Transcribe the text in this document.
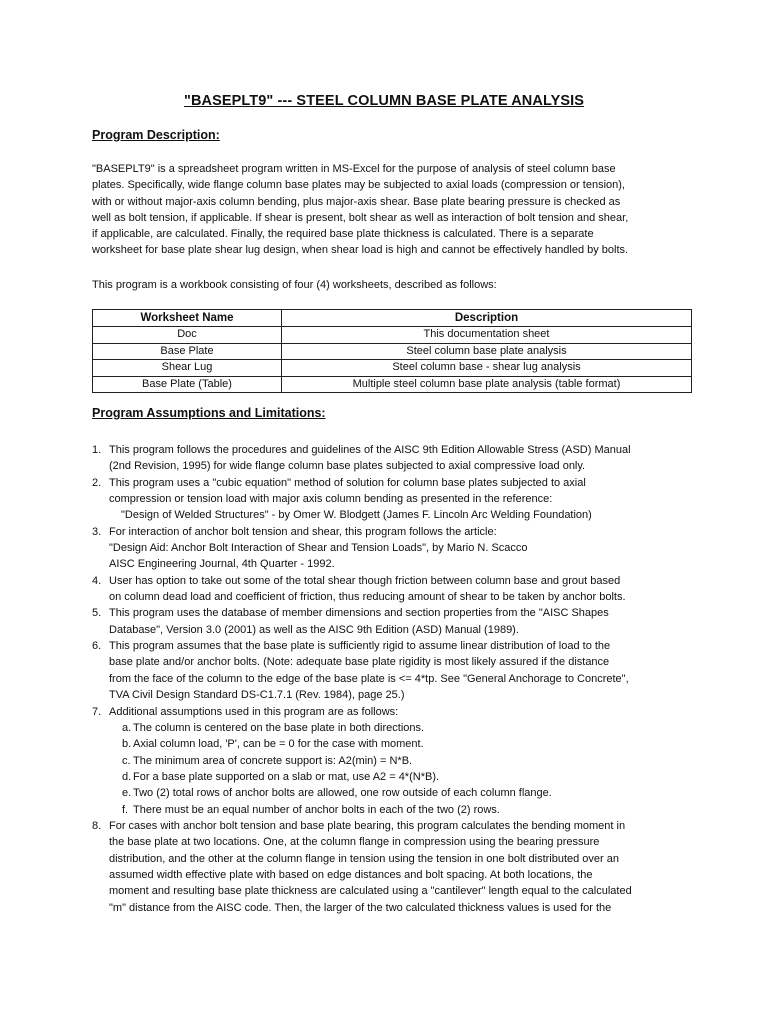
"BASEPLT9" --- STEEL COLUMN BASE PLATE ANALYSIS
Program Description:
"BASEPLT9" is a spreadsheet program written in MS-Excel for the purpose of analysis of steel column base
plates. Specifically, wide flange column base plates may be subjected to axial loads (compression or tension),
with or without major-axis column bending, plus major-axis shear. Base plate bearing pressure is checked as
well as bolt tension, if applicable. If shear is present, bolt shear as well as interaction of bolt tension and shear,
if applicable, are calculated. Finally, the required base plate thickness is calculated. There is a separate
worksheet for base plate shear lug design, when shear load is high and cannot be effectively handled by bolts.
This program is a workbook consisting of four (4) worksheets, described as follows:
Worksheet Name	Description
Doc	This documentation sheet
Base Plate	Steel column base plate analysis
Shear Lug	Steel column base - shear lug analysis
Base Plate (Table)	Multiple steel column base plate analysis (table format)
Program Assumptions and Limitations:
1. This program follows the procedures and guidelines of the AISC 9th Edition Allowable Stress (ASD) Manual
(2nd Revision, 1995) for wide flange column base plates subjected to axial compressive load only.
2. This program uses a "cubic equation" method of solution for column base plates subjected to axial
compression or tension load with major axis column bending as presented in the reference:
"Design of Welded Structures" - by Omer W. Blodgett (James F. Lincoln Arc Welding Foundation)
3. For interaction of anchor bolt tension and shear, this program follows the article:
"Design Aid: Anchor Bolt Interaction of Shear and Tension Loads", by Mario N. Scacco
AISC Engineering Journal, 4th Quarter - 1992.
4. User has option to take out some of the total shear though friction between column base and grout based
on column dead load and coefficient of friction, thus reducing amount of shear to be taken by anchor bolts.
5. This program uses the database of member dimensions and section properties from the "AISC Shapes
Database", Version 3.0 (2001) as well as the AISC 9th Edition (ASD) Manual (1989).
6. This program assumes that the base plate is sufficiently rigid to assume linear distribution of load to the
base plate and/or anchor bolts. (Note: adequate base plate rigidity is most likely assured if the distance
from the face of the column to the edge of the base plate is <= 4*tp. See "General Anchorage to Concrete",
TVA Civil Design Standard DS-C1.7.1 (Rev. 1984), page 25.)
7. Additional assumptions used in this program are as follows:
a. The column is centered on the base plate in both directions.
b. Axial column load, 'P', can be = 0 for the case with moment.
c. The minimum area of concrete support is: A2(min) = N*B.
d. For a base plate supported on a slab or mat, use A2 = 4*(N*B).
e. Two (2) total rows of anchor bolts are allowed, one row outside of each column flange.
f. There must be an equal number of anchor bolts in each of the two (2) rows.
8. For cases with anchor bolt tension and base plate bearing, this program calculates the bending moment in
the base plate at two locations. One, at the column flange in compression using the bearing pressure
distribution, and the other at the column flange in tension using the tension in one bolt distributed over an
assumed width effective plate with based on edge distances and bolt spacing. At both locations, the
moment and resulting base plate thickness are calculated using a "cantilever" length equal to the calculated
"m" distance from the AISC code. Then, the larger of the two calculated thickness values is used for the
